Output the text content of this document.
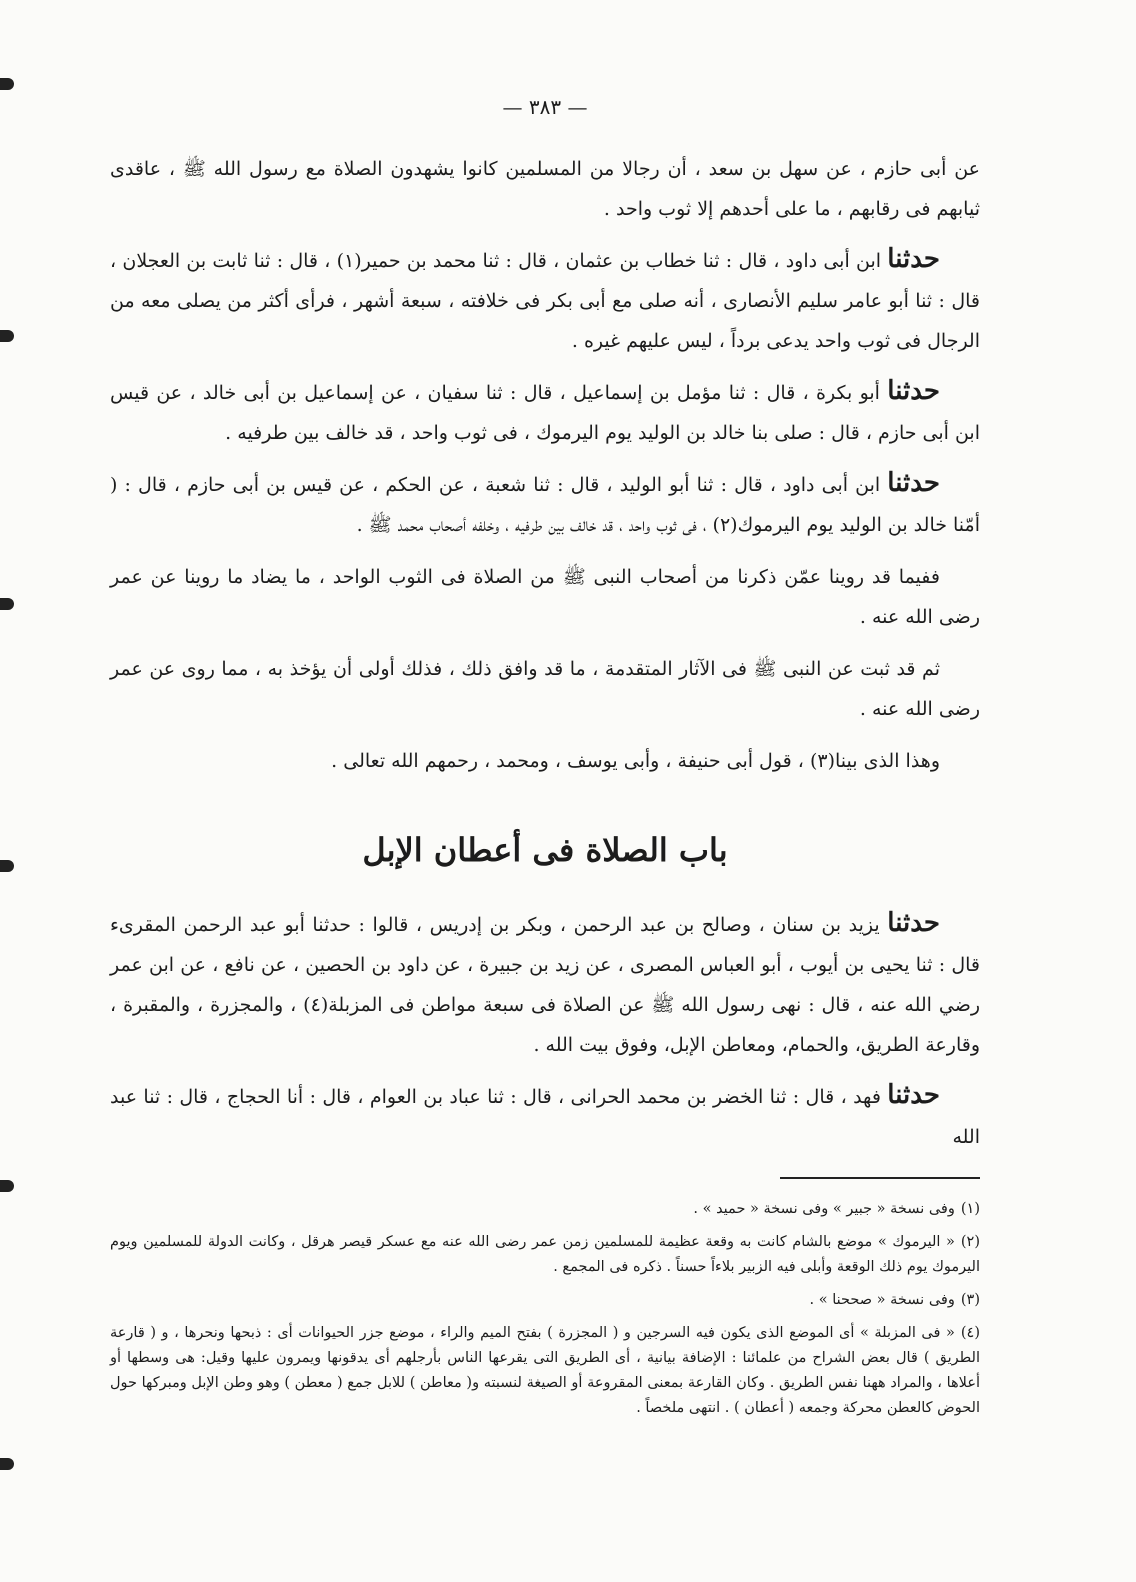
— ٣٨٣ —

عن أبى حازم ، عن سهل بن سعد ، أن رجالا من المسلمين كانوا يشهدون الصلاة مع رسول الله ﷺ ، عاقدى ثيابهم فى رقابهم ، ما على أحدهم إلا ثوب واحد .

حدثنا ابن أبى داود ، قال : ثنا خطاب بن عثمان ، قال : ثنا محمد بن حمير(١) ، قال : ثنا ثابت بن العجلان ، قال : ثنا أبو عامر سليم الأنصارى ، أنه صلى مع أبى بكر فى خلافته ، سبعة أشهر ، فرأى أكثر من يصلى معه من الرجال فى ثوب واحد يدعى برداً ، ليس عليهم غيره .

حدثنا أبو بكرة ، قال : ثنا مؤمل بن إسماعيل ، قال : ثنا سفيان ، عن إسماعيل بن أبى خالد ، عن قيس ابن أبى حازم ، قال : صلى بنا خالد بن الوليد يوم اليرموك ، فى ثوب واحد ، قد خالف بين طرفيه .

حدثنا ابن أبى داود ، قال : ثنا أبو الوليد ، قال : ثنا شعبة ، عن الحكم ، عن قيس بن أبى حازم ، قال : ( أمّنا خالد بن الوليد يوم اليرموك(٢) ، فى ثوب واحد ، قد خالف بين طرفيه ، وخلفه أصحاب محمد ﷺ .

ففيما قد روينا عمّن ذكرنا من أصحاب النبى ﷺ من الصلاة فى الثوب الواحد ، ما يضاد ما روينا عن عمر رضى الله عنه .

ثم قد ثبت عن النبى ﷺ فى الآثار المتقدمة ، ما قد وافق ذلك ، فذلك أولى أن يؤخذ به ، مما روى عن عمر رضى الله عنه .

وهذا الذى بينا(٣) ، قول أبى حنيفة ، وأبى يوسف ، ومحمد ، رحمهم الله تعالى .

باب الصلاة فى أعطان الإبل

حدثنا يزيد بن سنان ، وصالح بن عبد الرحمن ، وبكر بن إدريس ، قالوا : حدثنا أبو عبد الرحمن المقرىء قال : ثنا يحيى بن أيوب ، أبو العباس المصرى ، عن زيد بن جبيرة ، عن داود بن الحصين ، عن نافع ، عن ابن عمر رضي الله عنه ، قال : نهى رسول الله ﷺ عن الصلاة فى سبعة مواطن فى المزبلة(٤) ، والمجزرة ، والمقبرة ، وقارعة الطريق، والحمام، ومعاطن الإبل، وفوق بيت الله .

حدثنا فهد ، قال : ثنا الخضر بن محمد الحرانى ، قال : ثنا عباد بن العوام ، قال : أنا الحجاج ، قال : ثنا عبد الله

(١)وفى نسخة « جبير » وفى نسخة « حميد » .

(٢)« اليرموك » موضع بالشام كانت به وقعة عظيمة للمسلمين زمن عمر رضى الله عنه مع عسكر قيصر هرقل ، وكانت الدولة للمسلمين ويوم اليرموك يوم ذلك الوقعة وأبلى فيه الزبير بلاءاً حسناً . ذكره فى المجمع .

(٣)وفى نسخة « صححنا » .

(٤)« فى المزبلة » أى الموضع الذى يكون فيه السرجين و ( المجزرة ) بفتح الميم والراء ، موضع جزر الحيوانات أى : ذبحها ونحرها ، و ( قارعة الطريق ) قال بعض الشراح من علمائنا : الإضافة بيانية ، أى الطريق التى يقرعها الناس بأرجلهم أى يدقونها ويمرون عليها وقيل: هى وسطها أو أعلاها ، والمراد ههنا نفس الطريق . وكان القارعة بمعنى المقروعة أو الصيغة لنسبته و( معاطن ) للابل جمع ( معطن ) وهو وطن الإبل ومبركها حول الحوض كالعطن محركة وجمعه ( أعطان ) . انتهى ملخصاً .
